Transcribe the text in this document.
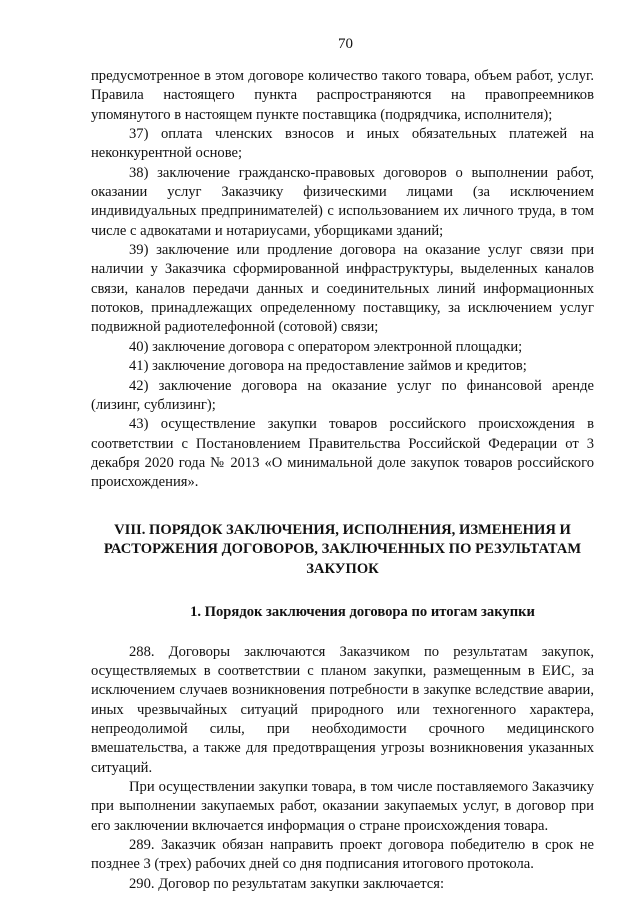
70

предусмотренное в этом договоре количество такого товара, объем работ, услуг. Правила настоящего пункта распространяются на правопреемников упомянутого в настоящем пункте поставщика (подрядчика, исполнителя);

37) оплата членских взносов и иных обязательных платежей на неконкурентной основе;

38) заключение гражданско-правовых договоров о выполнении работ, оказании услуг Заказчику физическими лицами (за исключением индивидуальных предпринимателей) с использованием их личного труда, в том числе с адвокатами и нотариусами, уборщиками зданий;

39) заключение или продление договора на оказание услуг связи при наличии у Заказчика сформированной инфраструктуры, выделенных каналов связи, каналов передачи данных и соединительных линий информационных потоков, принадлежащих определенному поставщику, за исключением услуг подвижной радиотелефонной (сотовой) связи;

40) заключение договора с оператором электронной площадки;

41) заключение договора на предоставление займов и кредитов;

42) заключение договора на оказание услуг по финансовой аренде (лизинг, сублизинг);

43) осуществление закупки товаров российского происхождения в соответствии с Постановлением Правительства Российской Федерации от 3 декабря 2020 года № 2013 «О минимальной доле закупок товаров российского происхождения».

VIII. ПОРЯДОК ЗАКЛЮЧЕНИЯ, ИСПОЛНЕНИЯ, ИЗМЕНЕНИЯ И РАСТОРЖЕНИЯ ДОГОВОРОВ, ЗАКЛЮЧЕННЫХ ПО РЕЗУЛЬТАТАМ ЗАКУПОК
1. Порядок заключения договора по итогам закупки

288. Договоры заключаются Заказчиком по результатам закупок, осуществляемых в соответствии с планом закупки, размещенным в ЕИС, за исключением случаев возникновения потребности в закупке вследствие аварии, иных чрезвычайных ситуаций природного или техногенного характера, непреодолимой силы, при необходимости срочного медицинского вмешательства, а также для предотвращения угрозы возникновения указанных ситуаций.

При осуществлении закупки товара, в том числе поставляемого Заказчику при выполнении закупаемых работ, оказании закупаемых услуг, в договор при его заключении включается информация о стране происхождения товара.

289. Заказчик обязан направить проект договора победителю в срок не позднее 3 (трех) рабочих дней со дня подписания итогового протокола.

290. Договор по результатам закупки заключается:
